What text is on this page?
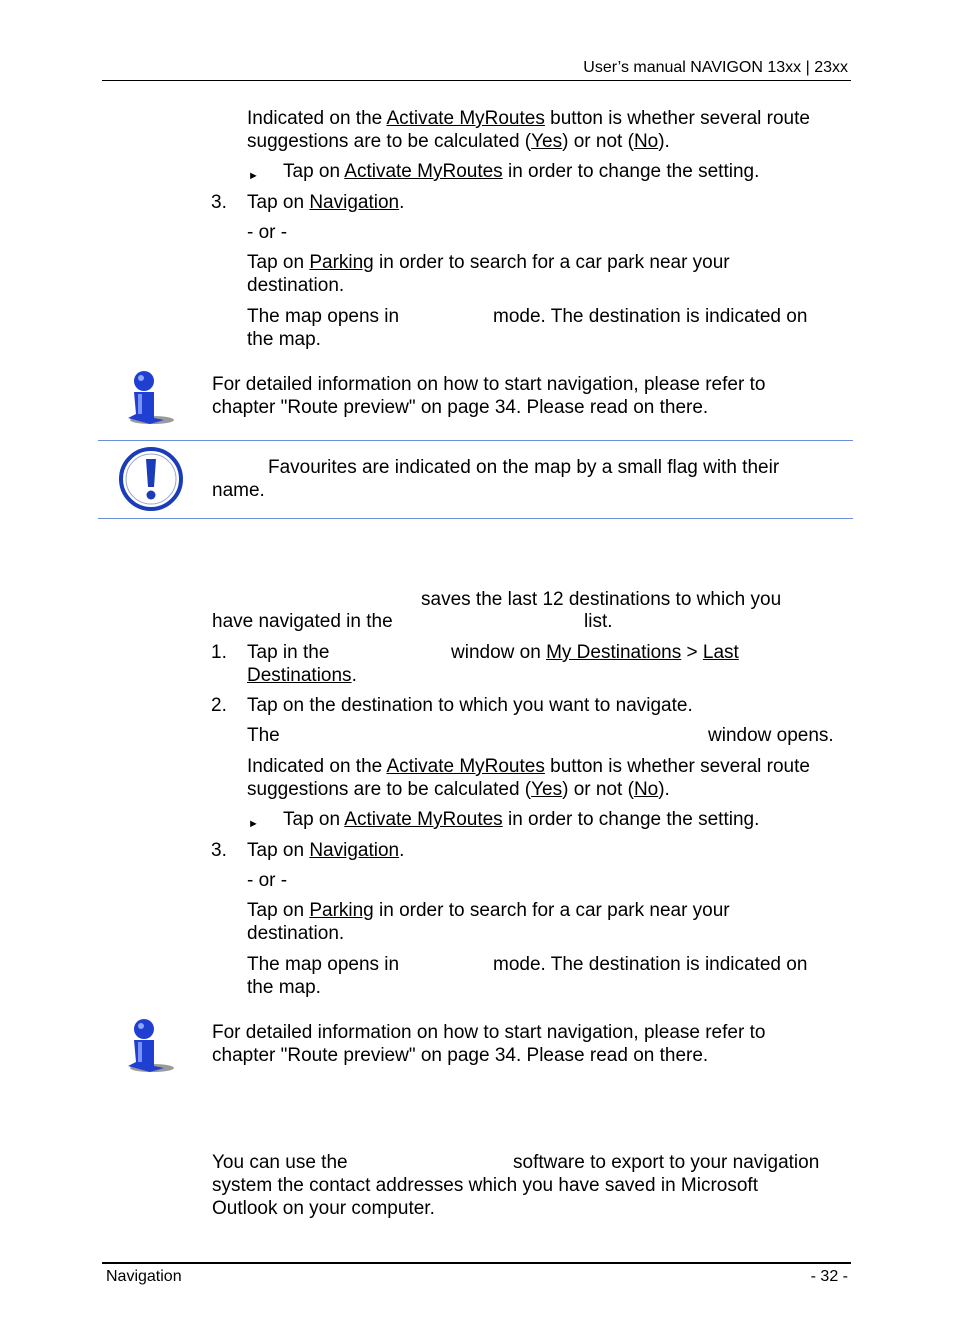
User’s manual NAVIGON 13xx | 23xx
Indicated on the Activate MyRoutes button is whether several route
suggestions are to be calculated (Yes) or not (No).
► Tap on Activate MyRoutes in order to change the setting.
3. Tap on Navigation.
- or -
Tap on Parking in order to search for a car park near your
destination.
The map opens in	mode. The destination is indicated on
the map.
For detailed information on how to start navigation, please refer to
chapter "Route preview" on page 34. Please read on there.
Favourites are indicated on the map by a small flag with their
name.
saves the last 12 destinations to which you
have navigated in the	list.
1. Tap in the	window on My Destinations > Last
Destinations.
2. Tap on the destination to which you want to navigate.
The	window opens.
Indicated on the Activate MyRoutes button is whether several route
suggestions are to be calculated (Yes) or not (No).
► Tap on Activate MyRoutes in order to change the setting.
3. Tap on Navigation.
- or -
Tap on Parking in order to search for a car park near your
destination.
The map opens in	mode. The destination is indicated on
the map.
For detailed information on how to start navigation, please refer to
chapter "Route preview" on page 34. Please read on there.
You can use the	software to export to your navigation
system the contact addresses which you have saved in Microsoft
Outlook on your computer.
Navigation	- 32 -
